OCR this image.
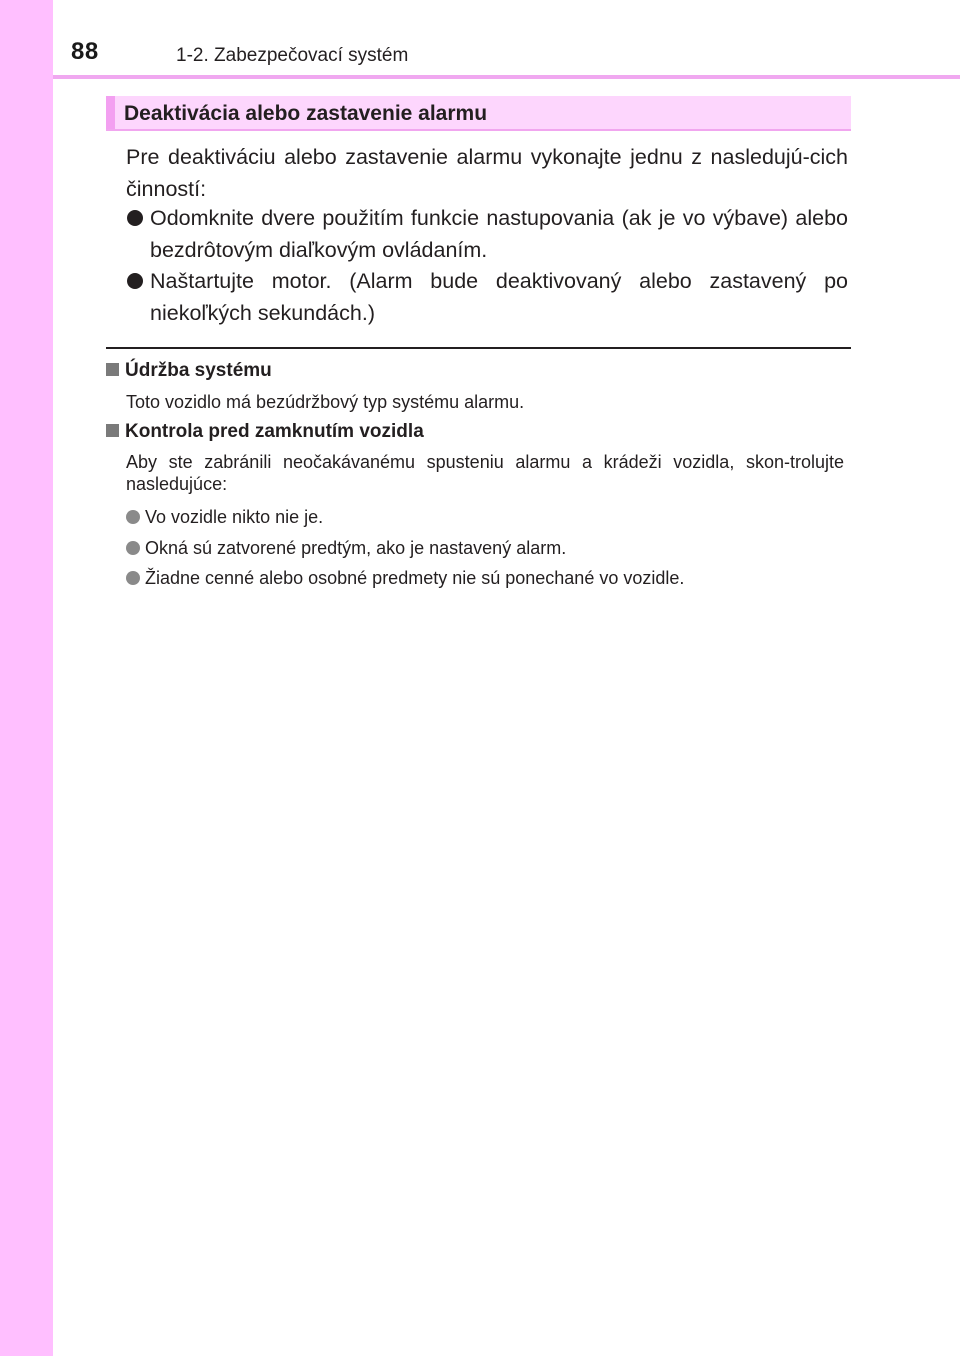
88	1-2. Zabezpečovací systém
Deaktivácia alebo zastavenie alarmu
Pre deaktiváciu alebo zastavenie alarmu vykonajte jednu z nasledujú-cich činností:
Odomknite dvere použitím funkcie nastupovania (ak je vo výbave) alebo bezdrôtovým diaľkovým ovládaním.
Naštartujte motor. (Alarm bude deaktivovaný alebo zastavený po niekoľkých sekundách.)
Údržba systému
Toto vozidlo má bezúdržbový typ systému alarmu.
Kontrola pred zamknutím vozidla
Aby ste zabránili neočakávanému spusteniu alarmu a krádeži vozidla, skon-trolujte nasledujúce:
Vo vozidle nikto nie je.
Okná sú zatvorené predtým, ako je nastavený alarm.
Žiadne cenné alebo osobné predmety nie sú ponechané vo vozidle.
